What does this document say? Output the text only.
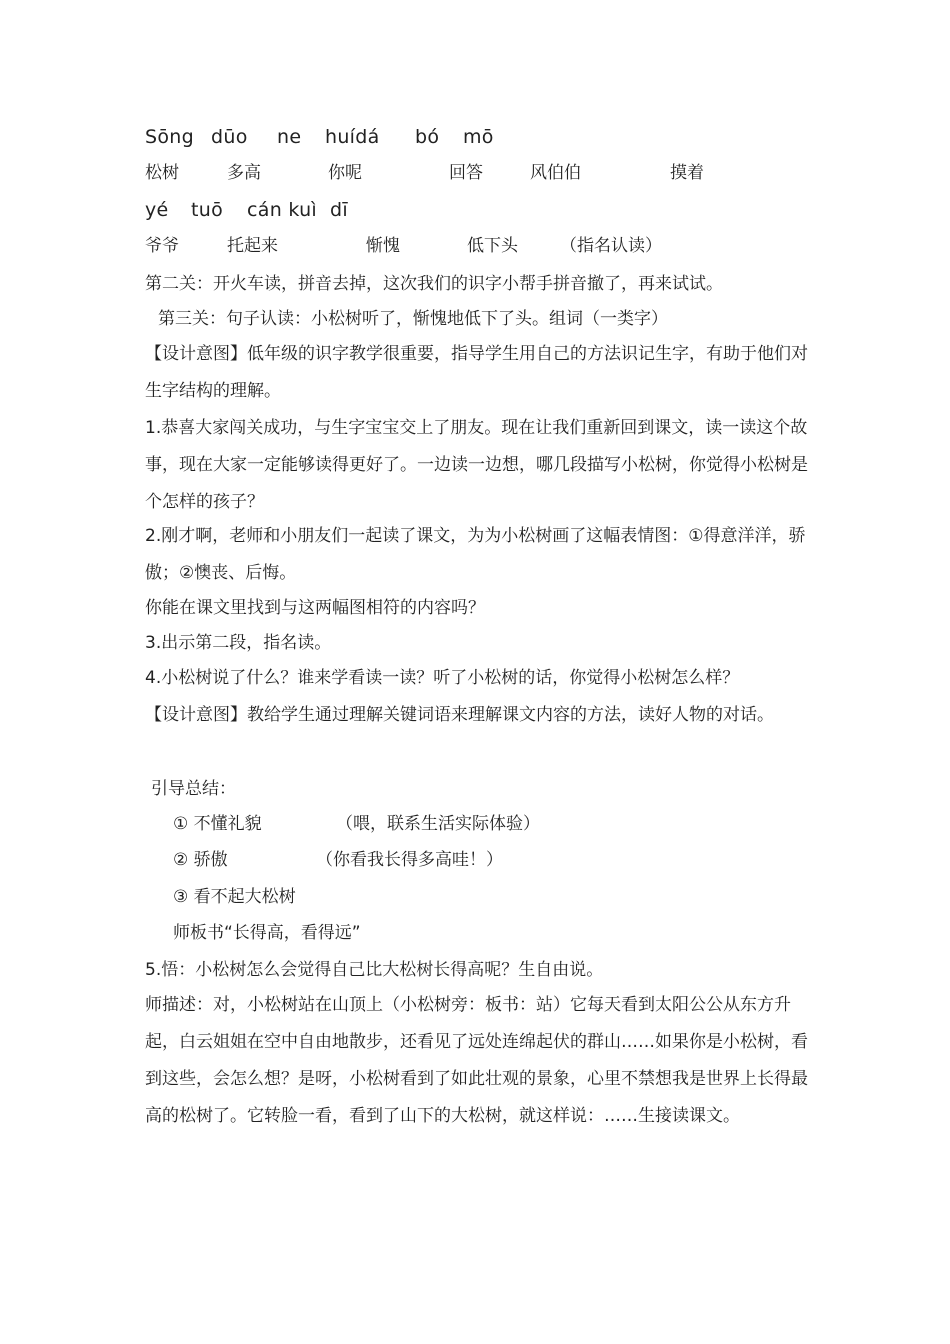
Sōng dūo ne huídá bó mō
松树	多高	你呢	回答	风伯伯	摸着
yé tuō cán kuì dī
爷爷	托起来	惭愧	低下头 （指名认读）
第二关：开火车读，拼音去掉，这次我们的识字小帮手拼音撤了，再来试试。
第三关：句子认读：小松树听了，惭愧地低下了头。组词（一类字）
【设计意图】低年级的识字教学很重要，指导学生用自己的方法识记生字，有助于他们对生字结构的理解。
1.恭喜大家闯关成功，与生字宝宝交上了朋友。现在让我们重新回到课文，读一读这个故事，现在大家一定能够读得更好了。一边读一边想，哪几段描写小松树，你觉得小松树是个怎样的孩子？
2.刚才啊，老师和小朋友们一起读了课文，为为小松树画了这幅表情图：①得意洋洋，骄傲；②懊丧、后悔。
你能在课文里找到与这两幅图相符的内容吗？
3.出示第二段，指名读。
4.小松树说了什么？谁来学看读一读？听了小松树的话，你觉得小松树怎么样？
【设计意图】教给学生通过理解关键词语来理解课文内容的方法，读好人物的对话。
引导总结：
① 不懂礼貌	（喂，联系生活实际体验）
② 骄傲	（你看我长得多高哇！）
③ 看不起大松树
师板书“长得高，看得远”
5.悟：小松树怎么会觉得自己比大松树长得高呢？生自由说。
师描述：对，小松树站在山顶上（小松树旁：板书：站）它每天看到太阳公公从东方升起，白云姐姐在空中自由地散步，还看见了远处连绵起伏的群山……如果你是小松树，看到这些，会怎么想？是呀，小松树看到了如此壮观的景象，心里不禁想我是世界上长得最高的松树了。它转脸一看，看到了山下的大松树，就这样说：……生接读课文。
